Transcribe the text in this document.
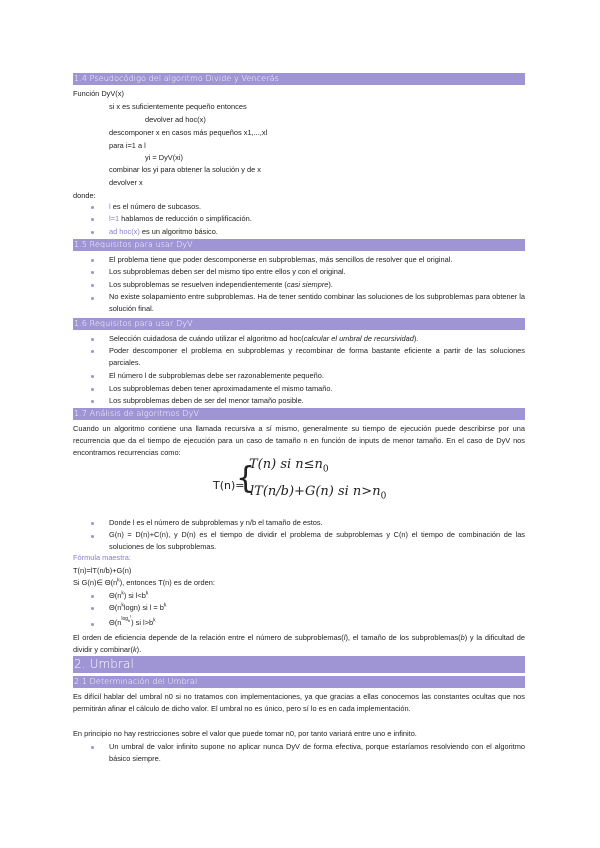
1.4 Pseudocódigo del algoritmo Divide y Vencerás
Función DyV(x)
si x es suficientemente pequeño entonces
devolver ad hoc(x)
descomponer x en casos más pequeños x1,...,xl
para i=1 a l
yi = DyV(xi)
combinar los yi para obtener la solución y de x
devolver x
donde:
l es el número de subcasos.
l=1 hablamos de reducción o simplificación.
ad hoc(x) es un algoritmo básico.
1.5 Requisitos para usar DyV
El problema tiene que poder descomponerse en subproblemas, más sencillos de resolver que el original.
Los subproblemas deben ser del mismo tipo entre ellos y con el original.
Los subproblemas se resuelven independientemente (casi siempre).
No existe solapamiento entre subproblemas. Ha de tener sentido combinar las soluciones de los subproblemas para obtener la solución final.
1.6 Requisitos para usar DyV
Selección cuidadosa de cuándo utilizar el algoritmo ad hoc(calcular el umbral de recursividad).
Poder descomponer el problema en subproblemas y recombinar de forma bastante eficiente a partir de las soluciones parciales.
El número l de subproblemas debe ser razonablemente pequeño.
Los subproblemas deben tener aproximadamente el mismo tamaño.
Los subproblemas deben de ser del menor tamaño posible.
1.7 Análisis de algoritmos DyV
Cuando un algoritmo contiene una llamada recursiva a sí mismo, generalmente su tiempo de ejecución puede describirse por una recurrencia que da el tiempo de ejecución para un caso de tamaño n en función de inputs de menor tamaño. En el caso de DyV nos encontramos recurrencias como:
T(n)=
{
T(n) si $n\le n_0$
lT(n/b)+G(n) si $n>n_0$
Donde l es el número de subproblemas y n/b el tamaño de estos.
G(n) = D(n)+C(n), y D(n) es el tiempo de dividir el problema de subproblemas y C(n) el tiempo de combinación de las soluciones de los subproblemas.
Fórmula maestra:
T(n)=lT(n/b)+G(n)
Si G(n)∈ $\Theta(n^k)$, entonces T(n) es de orden:
$\Theta(n^k)$ si $l<b^k$
$\Theta(n^k\log n)$ si $l = b^k$
$\Theta(n^{log_b^l})$ si $l>b^k$
El orden de eficiencia depende de la relación entre el número de subproblemas(l), el tamaño de los subproblemas(b) y la dificultad de dividir y combinar(k).
2. Umbral
2.1 Determinación del Umbral
Es difícil hablar del umbral n0 si no tratamos con implementaciones, ya que gracias a ellas conocemos las constantes ocultas que nos permitirán afinar el cálculo de dicho valor. El umbral no es único, pero sí lo es en cada implementación.
En principio no hay restricciones sobre el valor que puede tomar n0, por tanto variará entre uno e infinito.
Un umbral de valor infinito supone no aplicar nunca DyV de forma efectiva, porque estaríamos resolviendo con el algoritmo básico siempre.
